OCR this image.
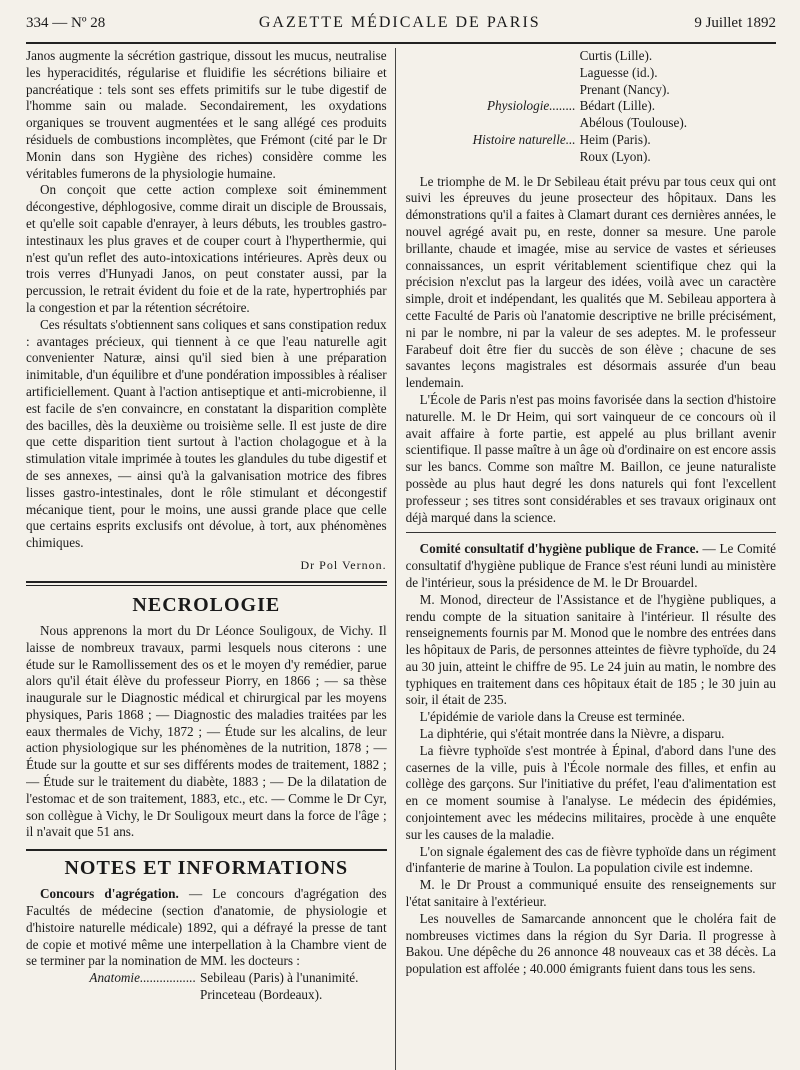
334 — Nº 28	GAZETTE MÉDICALE DE PARIS	9 Juillet 1892

Janos augmente la sécrétion gastrique, dissout les mucus, neutralise les hyperacidités, régularise et fluidifie les sécrétions biliaire et pancréatique : tels sont ses effets primitifs sur le tube digestif de l'homme sain ou malade. Secondairement, les oxydations organiques se trouvent augmentées et le sang allégé ces produits résiduels de combustions incomplètes, que Frémont (cité par le Dr Monin dans son Hygiène des riches) considère comme les véritables fumerons de la physiologie humaine.

On conçoit que cette action complexe soit éminemment décongestive, déphlogosive, comme dirait un disciple de Broussais, et qu'elle soit capable d'enrayer, à leurs débuts, les troubles gastro-intestinaux les plus graves et de couper court à l'hyperthermie, qui n'est qu'un reflet des auto-intoxications intérieures. Après deux ou trois verres d'Hunyadi Janos, on peut constater aussi, par la percussion, le retrait évident du foie et de la rate, hypertrophiés par la congestion et par la rétention sécrétoire.

Ces résultats s'obtiennent sans coliques et sans constipation redux : avantages précieux, qui tiennent à ce que l'eau naturelle agit convenienter Naturæ, ainsi qu'il sied bien à une préparation inimitable, d'un équilibre et d'une pondération impossibles à réaliser artificiellement. Quant à l'action antiseptique et anti-microbienne, il est facile de s'en convaincre, en constatant la disparition complète des bacilles, dès la deuxième ou troisième selle. Il est juste de dire que cette disparition tient surtout à l'action cholagogue et à la stimulation vitale imprimée à toutes les glandules du tube digestif et de ses annexes, — ainsi qu'à la galvanisation motrice des fibres lisses gastro-intestinales, dont le rôle stimulant et décongestif mécanique tient, pour le moins, une aussi grande place que celle que certains esprits exclusifs ont dévolue, à tort, aux phénomènes chimiques.

Dr Pol Vernon.
NECROLOGIE

Nous apprenons la mort du Dr Léonce Souligoux, de Vichy. Il laisse de nombreux travaux, parmi lesquels nous citerons : une étude sur le Ramollissement des os et le moyen d'y remédier, parue alors qu'il était élève du professeur Piorry, en 1866 ; — sa thèse inaugurale sur le Diagnostic médical et chirurgical par les moyens physiques, Paris 1868 ; — Diagnostic des maladies traitées par les eaux thermales de Vichy, 1872 ; — Étude sur les alcalins, de leur action physiologique sur les phénomènes de la nutrition, 1878 ; — Étude sur la goutte et sur ses différents modes de traitement, 1882 ; — Étude sur le traitement du diabète, 1883 ; — De la dilatation de l'estomac et de son traitement, 1883, etc., etc. — Comme le Dr Cyr, son collègue à Vichy, le Dr Souligoux meurt dans la force de l'âge ; il n'avait que 51 ans.

NOTES ET INFORMATIONS

Concours d'agrégation. — Le concours d'agrégation des Facultés de médecine (section d'anatomie, de physiologie et d'histoire naturelle médicale) 1892, qui a défrayé la presse de tant de copie et motivé même une interpellation à la Chambre vient de se terminer par la nomination de MM. les docteurs :

Anatomie................. Sebileau (Paris) à l'unanimité.
Princeteau (Bordeaux).
Curtis (Lille).
Laguesse (id.).
Prenant (Nancy).
Physiologie........ Bédart (Lille).
Abélous (Toulouse).
Histoire naturelle... Heim (Paris).
Roux (Lyon).

Le triomphe de M. le Dr Sebileau était prévu par tous ceux qui ont suivi les épreuves du jeune prosecteur des hôpitaux. Dans les démonstrations qu'il a faites à Clamart durant ces dernières années, le nouvel agrégé avait pu, en reste, donner sa mesure. Une parole brillante, chaude et imagée, mise au service de vastes et sérieuses connaissances, un esprit véritablement scientifique chez qui la précision n'exclut pas la largeur des idées, voilà avec un caractère simple, droit et indépendant, les qualités que M. Sebileau apportera à cette Faculté de Paris où l'anatomie descriptive ne brille précisément, ni par le nombre, ni par la valeur de ses adeptes. M. le professeur Farabeuf doit être fier du succès de son élève ; chacune de ses savantes leçons magistrales est désormais assurée d'un beau lendemain.

L'École de Paris n'est pas moins favorisée dans la section d'histoire naturelle. M. le Dr Heim, qui sort vainqueur de ce concours où il avait affaire à forte partie, est appelé au plus brillant avenir scientifique. Il passe maître à un âge où d'ordinaire on est encore assis sur les bancs. Comme son maître M. Baillon, ce jeune naturaliste possède au plus haut degré les dons naturels qui font l'excellent professeur ; ses titres sont considérables et ses travaux originaux ont déjà marqué dans la science.

Comité consultatif d'hygiène publique de France. — Le Comité consultatif d'hygiène publique de France s'est réuni lundi au ministère de l'intérieur, sous la présidence de M. le Dr Brouardel.

M. Monod, directeur de l'Assistance et de l'hygiène publiques, a rendu compte de la situation sanitaire à l'intérieur. Il résulte des renseignements fournis par M. Monod que le nombre des entrées dans les hôpitaux de Paris, de personnes atteintes de fièvre typhoïde, du 24 au 30 juin, atteint le chiffre de 95. Le 24 juin au matin, le nombre des typhiques en traitement dans ces hôpitaux était de 185 ; le 30 juin au soir, il était de 235.

L'épidémie de variole dans la Creuse est terminée.

La diphtérie, qui s'était montrée dans la Nièvre, a disparu.

La fièvre typhoïde s'est montrée à Épinal, d'abord dans l'une des casernes de la ville, puis à l'École normale des filles, et enfin au collège des garçons. Sur l'initiative du préfet, l'eau d'alimentation est en ce moment soumise à l'analyse. Le médecin des épidémies, conjointement avec les médecins militaires, procède à une enquête sur les causes de la maladie.

L'on signale également des cas de fièvre typhoïde dans un régiment d'infanterie de marine à Toulon. La population civile est indemne.

M. le Dr Proust a communiqué ensuite des renseignements sur l'état sanitaire à l'extérieur.

Les nouvelles de Samarcande annoncent que le choléra fait de nombreuses victimes dans la région du Syr Daria. Il progresse à Bakou. Une dépêche du 26 annonce 48 nouveaux cas et 38 décès. La population est affolée ; 40.000 émigrants fuient dans tous les sens.
